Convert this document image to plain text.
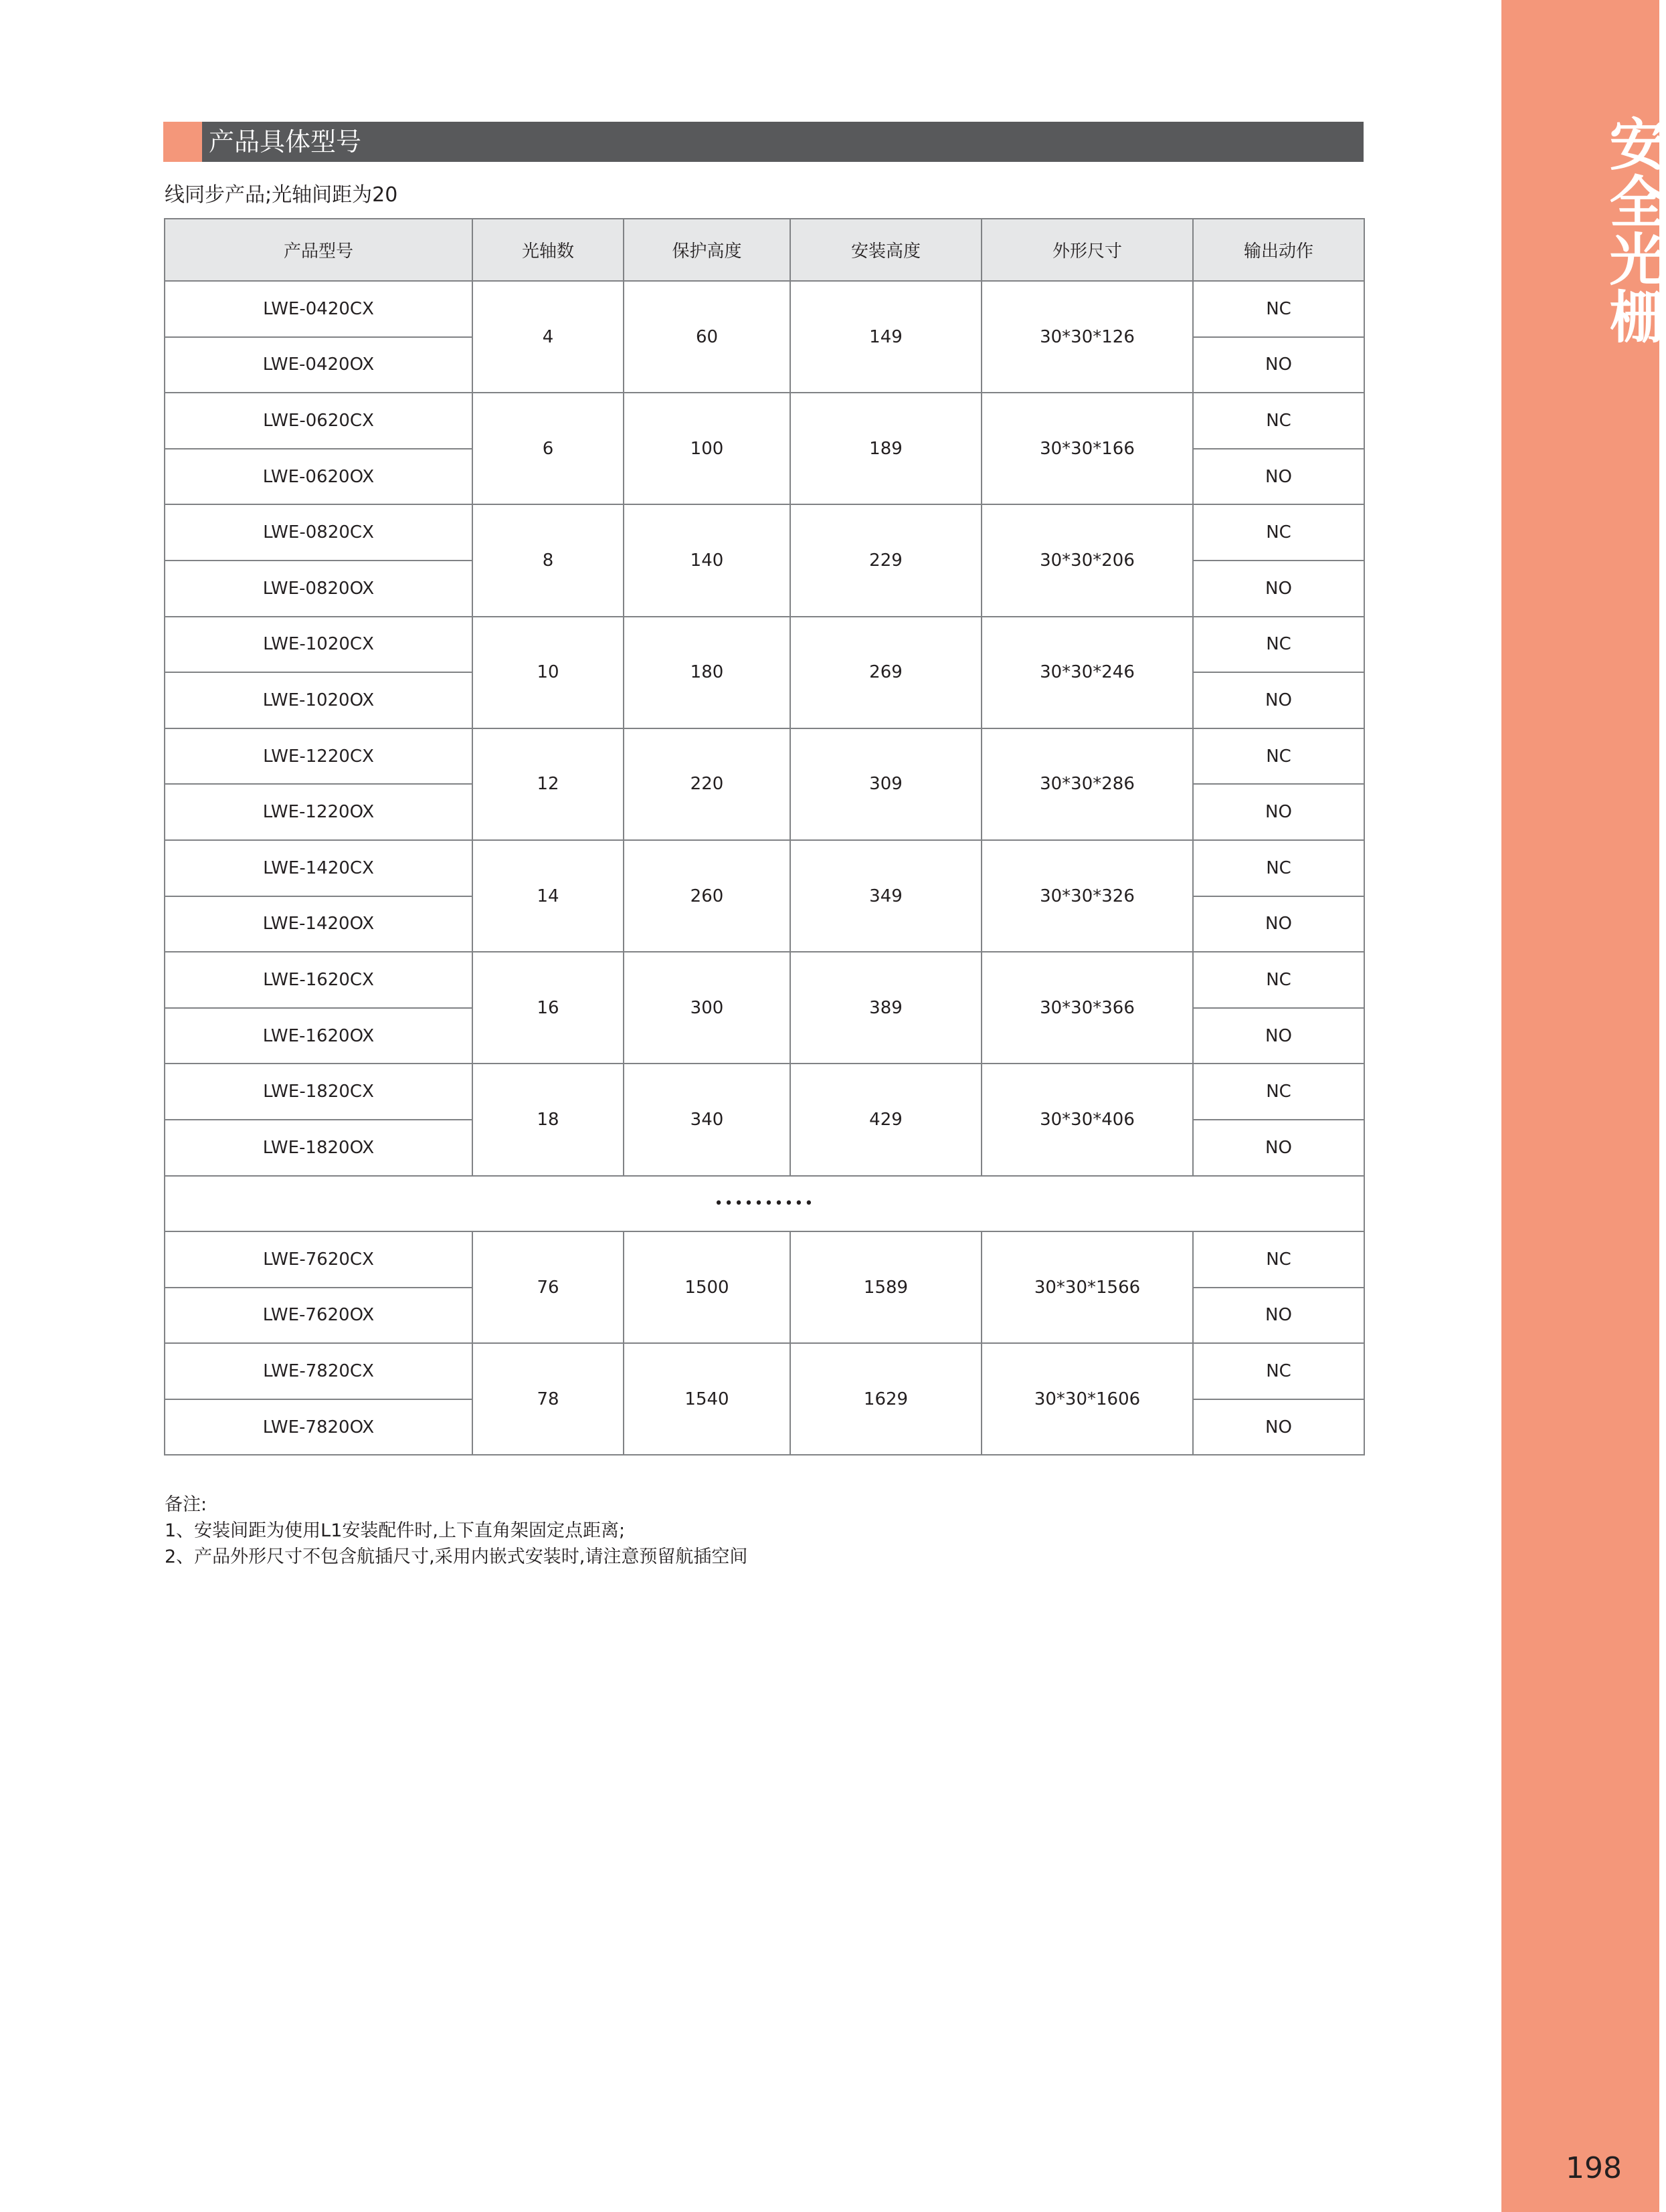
安全光栅
198
产品具体型号
线同步产品;光轴间距为20
产品型号	光轴数	保护高度	安装高度	外形尺寸	输出动作
LWE-0420CX	4	60	149	30*30*126	NC
LWE-0420OX					NO
LWE-0620CX	6	100	189	30*30*166	NC
LWE-0620OX					NO
LWE-0820CX	8	140	229	30*30*206	NC
LWE-0820OX					NO
LWE-1020CX	10	180	269	30*30*246	NC
LWE-1020OX					NO
LWE-1220CX	12	220	309	30*30*286	NC
LWE-1220OX					NO
LWE-1420CX	14	260	349	30*30*326	NC
LWE-1420OX					NO
LWE-1620CX	16	300	389	30*30*366	NC
LWE-1620OX					NO
LWE-1820CX	18	340	429	30*30*406	NC
LWE-1820OX					NO
••••••••••					
LWE-7620CX	76	1500	1589	30*30*1566	NC
LWE-7620OX					NO
LWE-7820CX	78	1540	1629	30*30*1606	NC
LWE-7820OX					NO
备注:
1、安装间距为使用L1安装配件时,上下直角架固定点距离;
2、产品外形尺寸不包含航插尺寸,采用内嵌式安装时,请注意预留航插空间
